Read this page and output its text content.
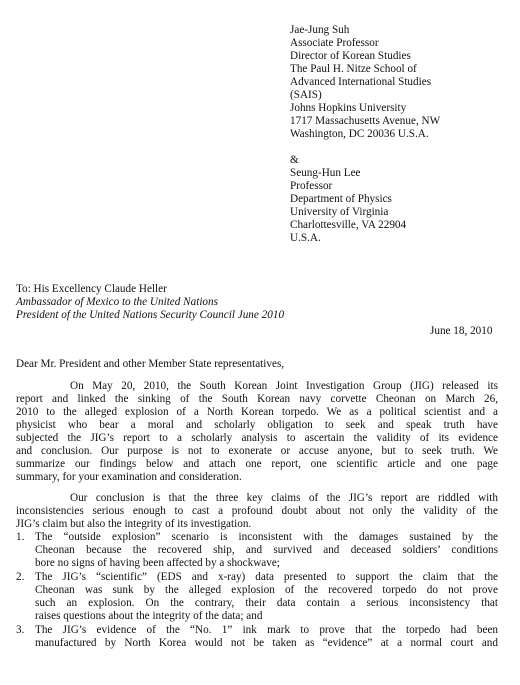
Jae-Jung Suh
Associate Professor
Director of Korean Studies
The Paul H. Nitze School of
Advanced International Studies
(SAIS)
Johns Hopkins University
1717 Massachusetts Avenue, NW
Washington, DC 20036 U.S.A.
&
Seung-Hun Lee
Professor
Department of Physics
University of Virginia
Charlottesville, VA 22904
U.S.A.
To: His Excellency Claude Heller
Ambassador of Mexico to the United Nations
President of the United Nations Security Council June 2010
June 18, 2010
Dear Mr. President and other Member State representatives,
On May 20, 2010, the South Korean Joint Investigation Group (JIG) released its
report and linked the sinking of the South Korean navy corvette Cheonan on March 26,
2010 to the alleged explosion of a North Korean torpedo. We as a political scientist and a
physicist who bear a moral and scholarly obligation to seek and speak truth have
subjected the JIG’s report to a scholarly analysis to ascertain the validity of its evidence
and conclusion. Our purpose is not to exonerate or accuse anyone, but to seek truth. We
summarize our findings below and attach one report, one scientific article and one page
summary, for your examination and consideration.
Our conclusion is that the three key claims of the JIG’s report are riddled with
inconsistencies serious enough to cast a profound doubt about not only the validity of the
JIG’s claim but also the integrity of its investigation.
1. The “outside explosion” scenario is inconsistent with the damages sustained by the
Cheonan because the recovered ship, and survived and deceased soldiers’ conditions
bore no signs of having been affected by a shockwave;
2. The JIG’s “scientific” (EDS and x-ray) data presented to support the claim that the
Cheonan was sunk by the alleged explosion of the recovered torpedo do not prove
such an explosion. On the contrary, their data contain a serious inconsistency that
raises questions about the integrity of the data; and
3. The JIG’s evidence of the “No. 1” ink mark to prove that the torpedo had been
manufactured by North Korea would not be taken as “evidence” at a normal court and
